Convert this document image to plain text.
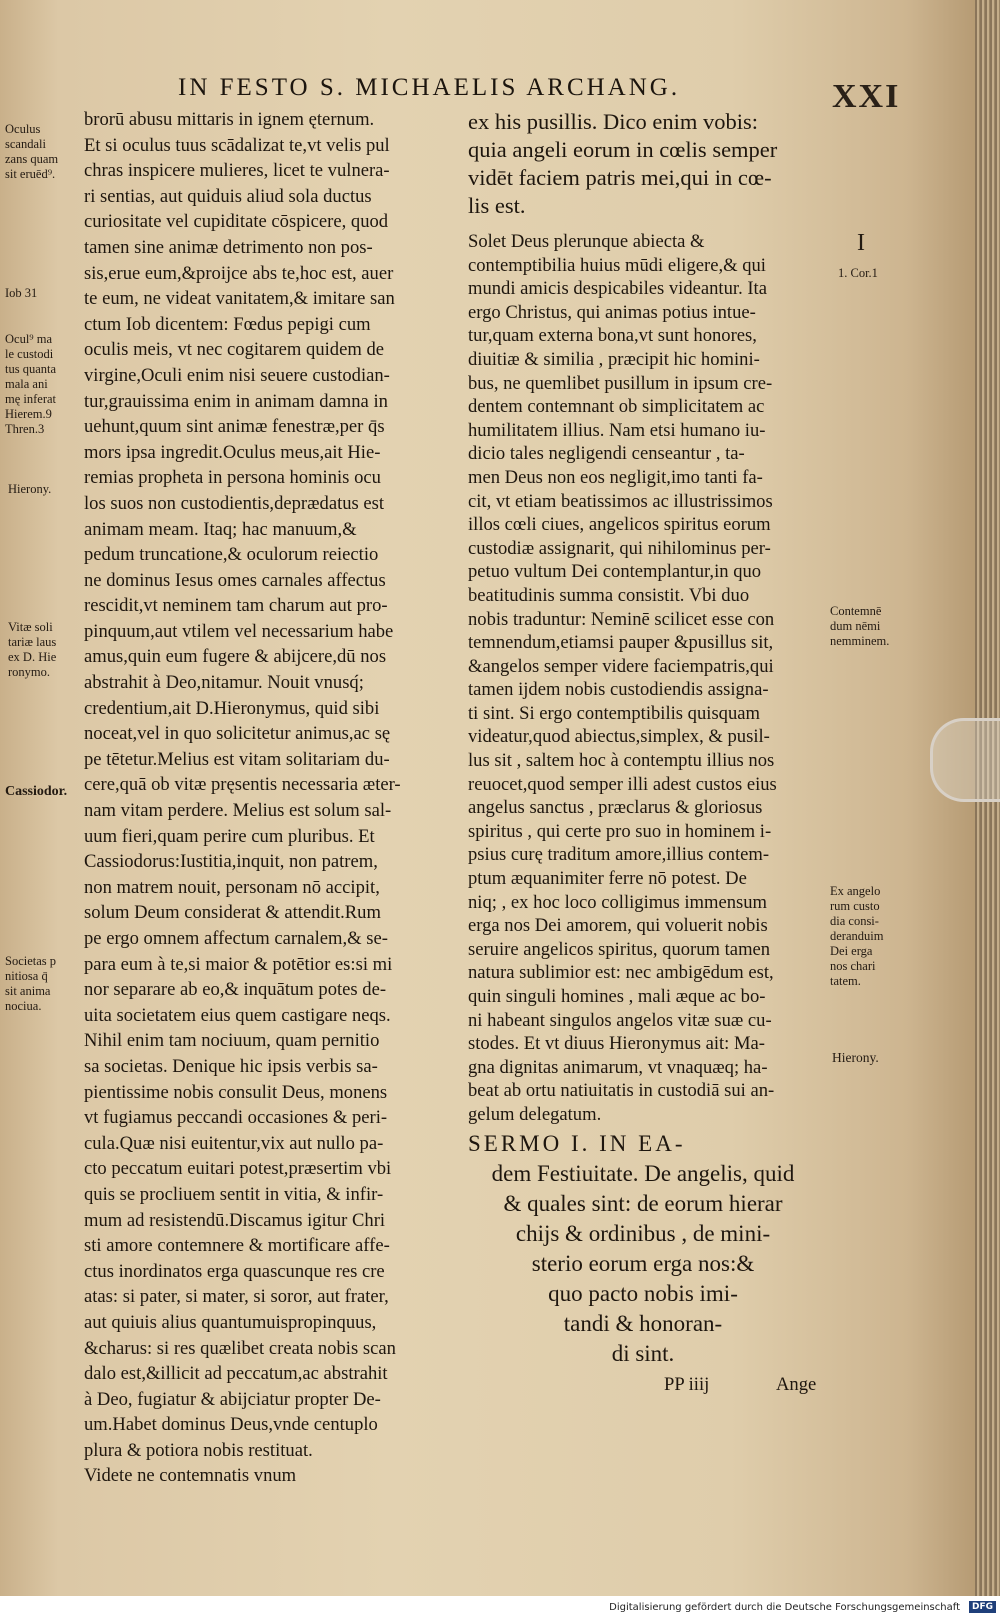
IN FESTO S. MICHAELIS ARCHANG.	XXI

Oculus

scandali

zans quam

sit eruēd⁹.

Iob 31

Ocul⁹ ma

le custodi

tus quanta

mala ani

mę inferat

Hierem.9

Thren.3

Hierony.

Vitæ soli

tariæ laus

ex D. Hie

ronymo.

Cassiodor.

Societas p

nitiosa q̄

sit anima

nociua.

brorū abusu mittaris in ignem ęternum.

Et si oculus tuus scādalizat te,vt velis pul

chras inspicere mulieres, licet te vulnera-

ri sentias, aut quiduis aliud sola ductus

curiositate vel cupiditate cōspicere, quod

tamen sine animæ detrimento non pos-

sis,erue eum,&proijce abs te,hoc est, auer

te eum, ne videat vanitatem,& imitare san

ctum Iob dicentem: Fœdus pepigi cum

oculis meis, vt nec cogitarem quidem de

virgine,Oculi enim nisi seuere custodian-

tur,grauissima enim in animam damna in

uehunt,quum sint animæ fenestræ,per q̄s

mors ipsa ingredit.Oculus meus,ait Hie-

remias propheta in persona hominis ocu

los suos non custodientis,deprædatus est

animam meam. Itaq; hac manuum,&

pedum truncatione,& oculorum reiectio

ne dominus Iesus omes carnales affectus

rescidit,vt neminem tam charum aut pro-

pinquum,aut vtilem vel necessarium habe

amus,quin eum fugere & abijcere,dū nos

abstrahit à Deo,nitamur. Nouit vnusq́;

credentium,ait D.Hieronymus, quid sibi

noceat,vel in quo solicitetur animus,ac sę

pe tētetur.Melius est vitam solitariam du-

cere,quā ob vitæ pręsentis necessaria æter-

nam vitam perdere. Melius est solum sal-

uum fieri,quam perire cum pluribus. Et

Cassiodorus:Iustitia,inquit, non patrem,

non matrem nouit, personam nō accipit,

solum Deum considerat & attendit.Rum

pe ergo omnem affectum carnalem,& se-

para eum à te,si maior & potētior es:si mi

nor separare ab eo,& inquātum potes de-

uita societatem eius quem castigare neqs.

Nihil enim tam nociuum, quam pernitio

sa societas. Denique hic ipsis verbis sa-

pientissime nobis consulit Deus, monens

vt fugiamus peccandi occasiones & peri-

cula.Quæ nisi euitentur,vix aut nullo pa-

cto peccatum euitari potest,præsertim vbi

quis se procliuem sentit in vitia, & infir-

mum ad resistendū.Discamus igitur Chri

sti amore contemnere & mortificare affe-

ctus inordinatos erga quascunque res cre

atas: si pater, si mater, si soror, aut frater,

aut quiuis alius quantumuispropinquus,

&charus: si res quælibet creata nobis scan

dalo est,&illicit ad peccatum,ac abstrahit

à Deo, fugiatur & abijciatur propter De-

um.Habet dominus Deus,vnde centuplo

plura & potiora nobis restituat.

Videte ne contemnatis vnum

ex his pusillis. Dico enim vobis:

quia angeli eorum in cœlis semper

vidēt faciem patris mei,qui in cœ-

lis est.

Solet Deus plerunque abiecta &

contemptibilia huius mūdi eligere,& qui

mundi amicis despicabiles videantur. Ita

ergo Christus, qui animas potius intue-

tur,quam externa bona,vt sunt honores,

diuitiæ & similia , præcipit hic homini-

bus, ne quemlibet pusillum in ipsum cre-

dentem contemnant ob simplicitatem ac

humilitatem illius. Nam etsi humano iu-

dicio tales negligendi censeantur , ta-

men Deus non eos negligit,imo tanti fa-

cit, vt etiam beatissimos ac illustrissimos

illos cœli ciues, angelicos spiritus eorum

custodiæ assignarit, qui nihilominus per-

petuo vultum Dei contemplantur,in quo

beatitudinis summa consistit. Vbi duo

nobis traduntur: Neminē scilicet esse con

temnendum,etiamsi pauper &pusillus sit,

&angelos semper videre faciempatris,qui

tamen ijdem nobis custodiendis assigna-

ti sint. Si ergo contemptibilis quisquam

videatur,quod abiectus,simplex, & pusil-

lus sit , saltem hoc à contemptu illius nos

reuocet,quod semper illi adest custos eius

angelus sanctus , præclarus & gloriosus

spiritus , qui certe pro suo in hominem i-

psius curę traditum amore,illius contem-

ptum æquanimiter ferre nō potest. De

niq; , ex hoc loco colligimus immensum

erga nos Dei amorem, qui voluerit nobis

seruire angelicos spiritus, quorum tamen

natura sublimior est: nec ambigēdum est,

quin singuli homines , mali æque ac bo-

ni habeant singulos angelos vitæ suæ cu-

stodes. Et vt diuus Hieronymus ait: Ma-

gna dignitas animarum, vt vnaquæq; ha-

beat ab ortu natiuitatis in custodiā sui an-

gelum delegatum.

SERMO I. IN EA-

dem Festiuitate. De angelis, quid

& quales sint: de eorum hierar

chijs & ordinibus , de mini-

sterio eorum erga nos:&

quo pacto nobis imi-

tandi & honoran-

di sint.

PP iiij	Ange

I

1. Cor.1

Contemnē

dum nēmi

nemminem.

Ex angelo

rum custo

dia consi-

deranduim

Dei erga

nos chari

tatem.

Hierony.

Digitalisierung gefördert durch die Deutsche Forschungsgemeinschaft	DFG
